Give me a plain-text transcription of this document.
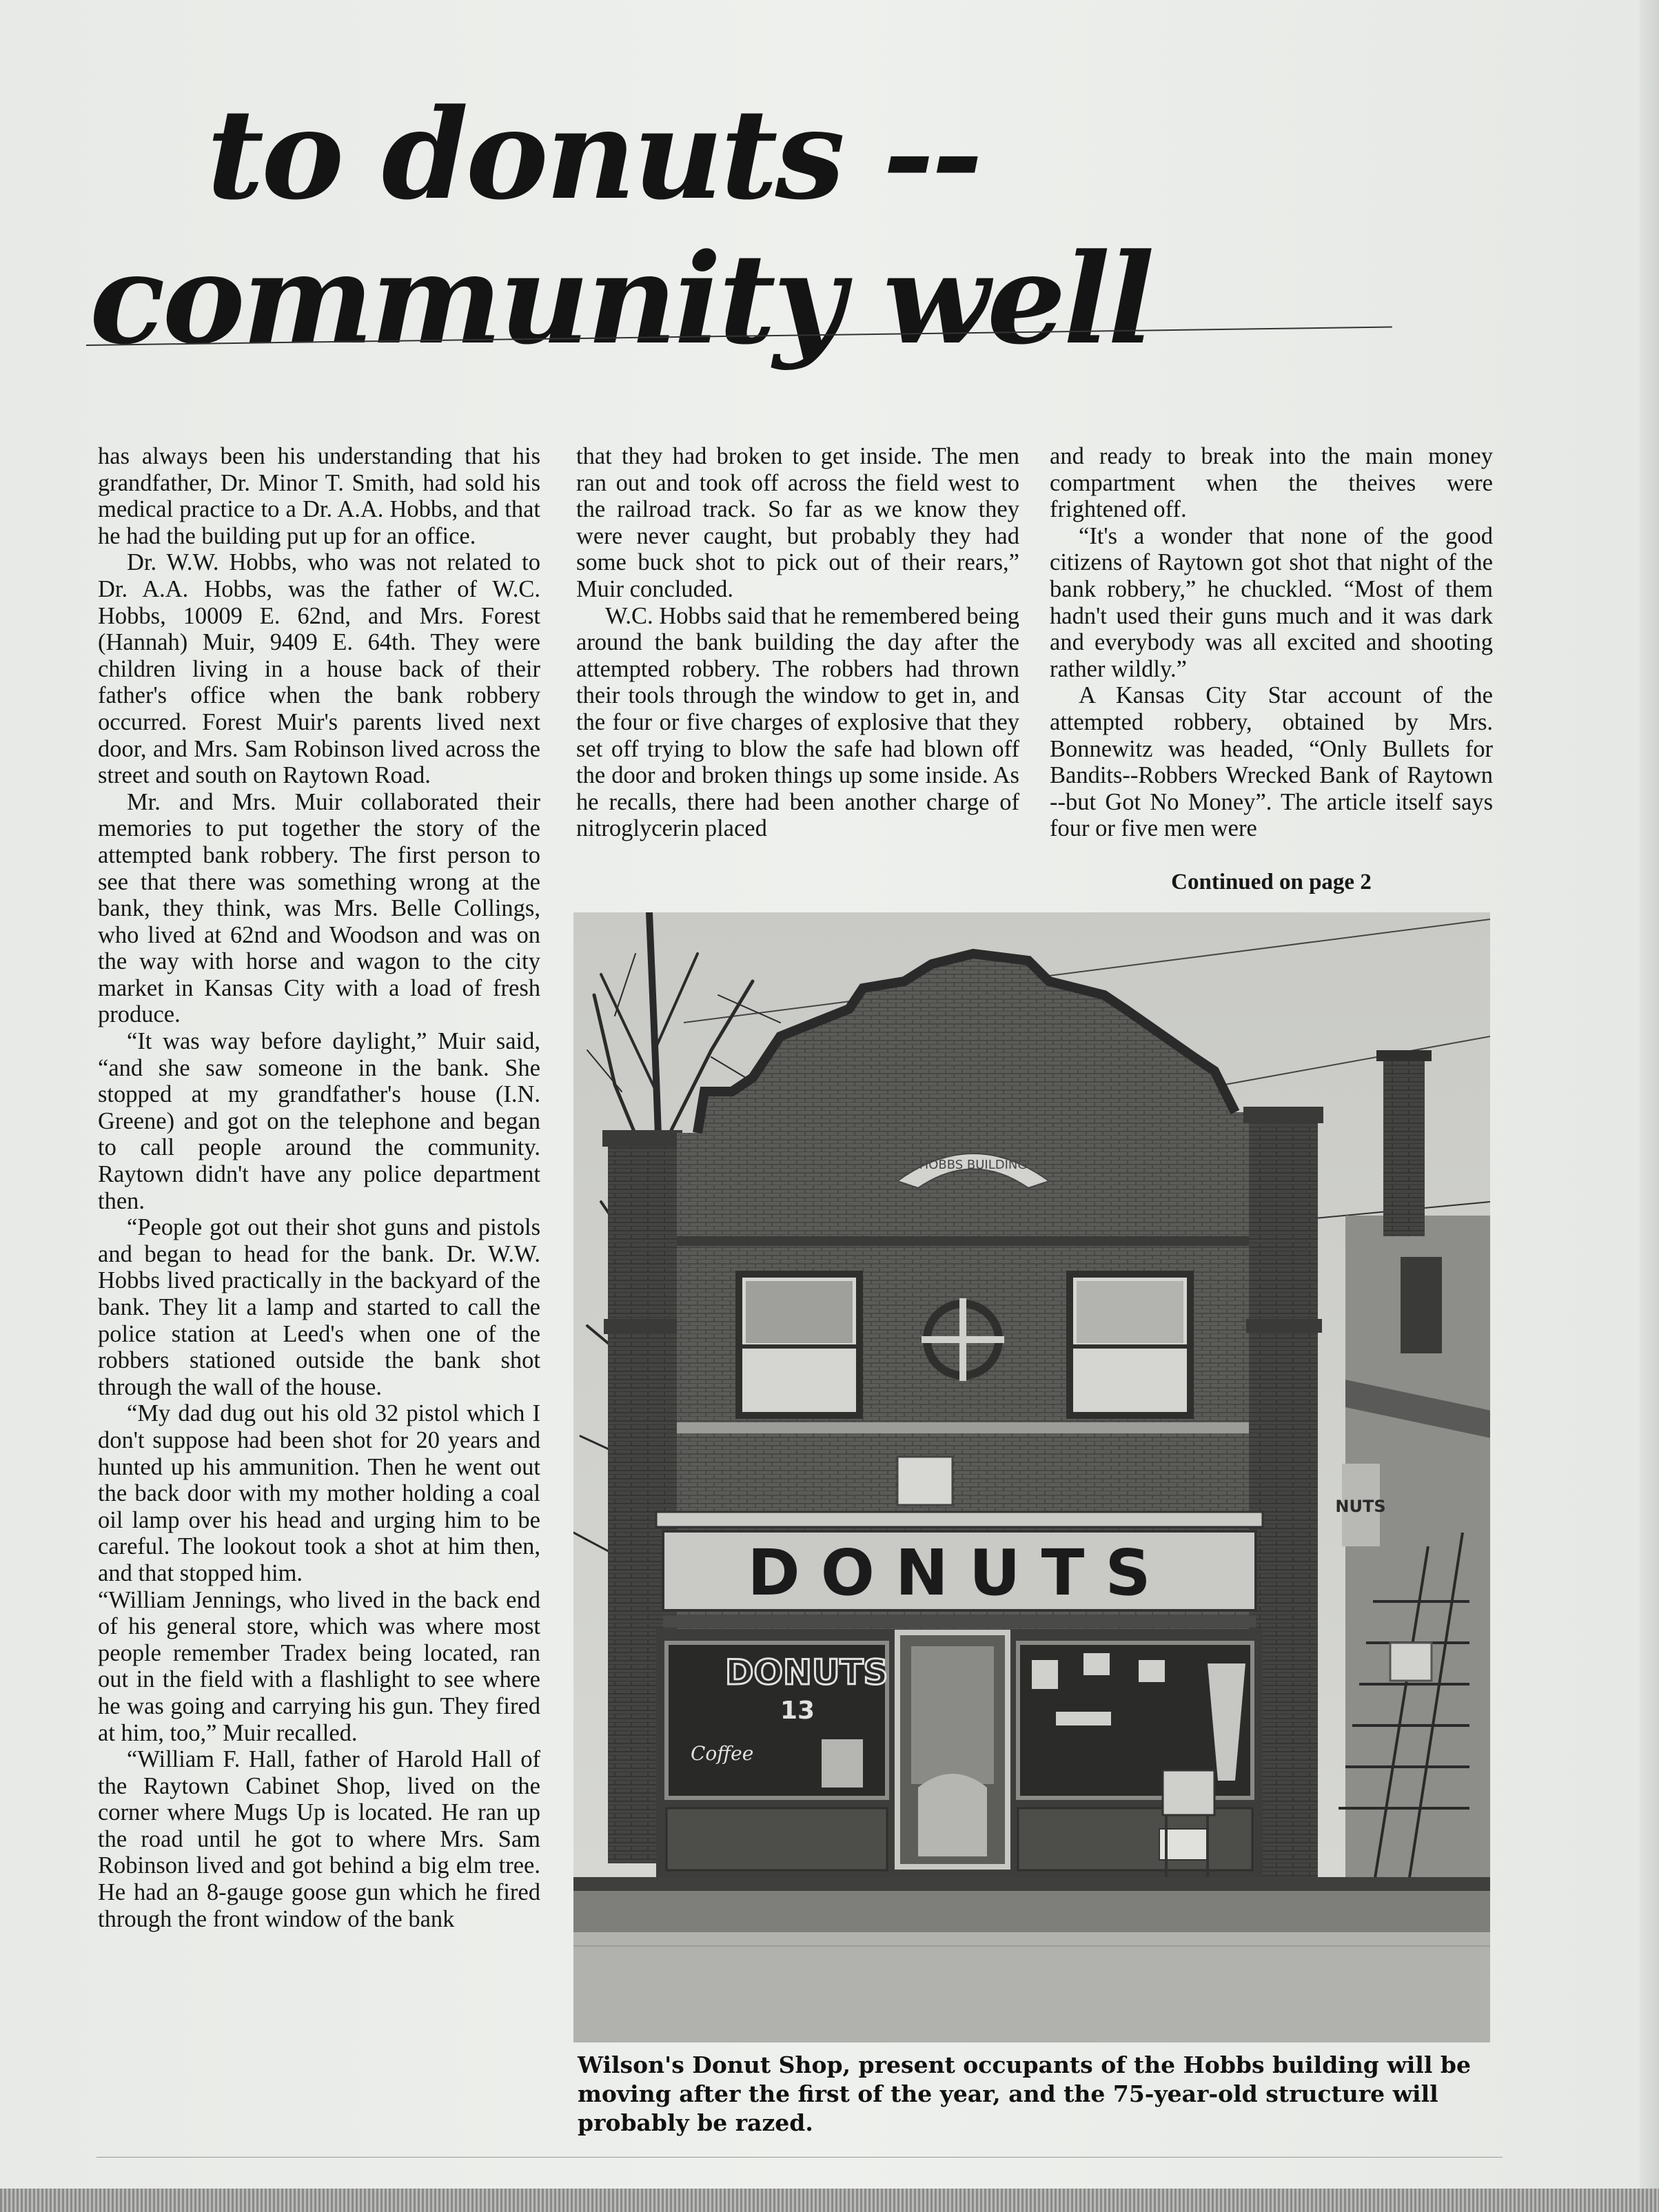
to donuts --
community well

has always been his understanding that his grandfather, Dr. Minor T. Smith, had sold his medical practice to a Dr. A.A. Hobbs, and that he had the building put up for an office.

Dr. W.W. Hobbs, who was not related to Dr. A.A. Hobbs, was the father of W.C. Hobbs, 10009 E. 62nd, and Mrs. Forest (Hannah) Muir, 9409 E. 64th. They were children living in a house back of their father's office when the bank robbery occurred. Forest Muir's parents lived next door, and Mrs. Sam Robinson lived across the street and south on Raytown Road.

Mr. and Mrs. Muir collaborated their memories to put together the story of the attempted bank robbery. The first person to see that there was something wrong at the bank, they think, was Mrs. Belle Collings, who lived at 62nd and Woodson and was on the way with horse and wagon to the city market in Kansas City with a load of fresh produce.

“It was way before daylight,” Muir said, “and she saw someone in the bank. She stopped at my grandfather's house (I.N. Greene) and got on the telephone and began to call people around the community. Raytown didn't have any police department then.

“People got out their shot guns and pistols and began to head for the bank. Dr. W.W. Hobbs lived practically in the backyard of the bank. They lit a lamp and started to call the police station at Leed's when one of the robbers stationed outside the bank shot through the wall of the house.

“My dad dug out his old 32 pistol which I don't suppose had been shot for 20 years and hunted up his ammunition. Then he went out the back door with my mother holding a coal oil lamp over his head and urging him to be careful. The lookout took a shot at him then, and that stopped him.

“William Jennings, who lived in the back end of his general store, which was where most people remember Tradex being located, ran out in the field with a flashlight to see where he was going and carrying his gun. They fired at him, too,” Muir recalled.

“William F. Hall, father of Harold Hall of the Raytown Cabinet Shop, lived on the corner where Mugs Up is located. He ran up the road until he got to where Mrs. Sam Robinson lived and got behind a big elm tree. He had an 8-gauge goose gun which he fired through the front window of the bank

that they had broken to get inside. The men ran out and took off across the field west to the railroad track. So far as we know they were never caught, but probably they had some buck shot to pick out of their rears,” Muir concluded.

W.C. Hobbs said that he remembered being around the bank building the day after the attempted robbery. The robbers had thrown their tools through the window to get in, and the four or five charges of explosive that they set off trying to blow the safe had blown off the door and broken things up some inside. As he recalls, there had been another charge of nitroglycerin placed

and ready to break into the main money compartment when the theives were frightened off.

“It's a wonder that none of the good citizens of Raytown got shot that night of the bank robbery,” he chuckled. “Most of them hadn't used their guns much and it was dark and everybody was all excited and shooting rather wildly.”

A Kansas City Star account of the attempted robbery, obtained by Mrs. Bonnewitz was headed, “Only Bullets for Bandits--Robbers Wrecked Bank of Raytown --but Got No Money”. The article itself says four or five men were

Continued on page 2
NUTS
HOBBS BUILDING
DONUTS
DONUTS
13
Coffee
Wilson's Donut Shop, present occupants of the Hobbs building will be moving after the first of the year, and the 75-year-old structure will probably be razed.
